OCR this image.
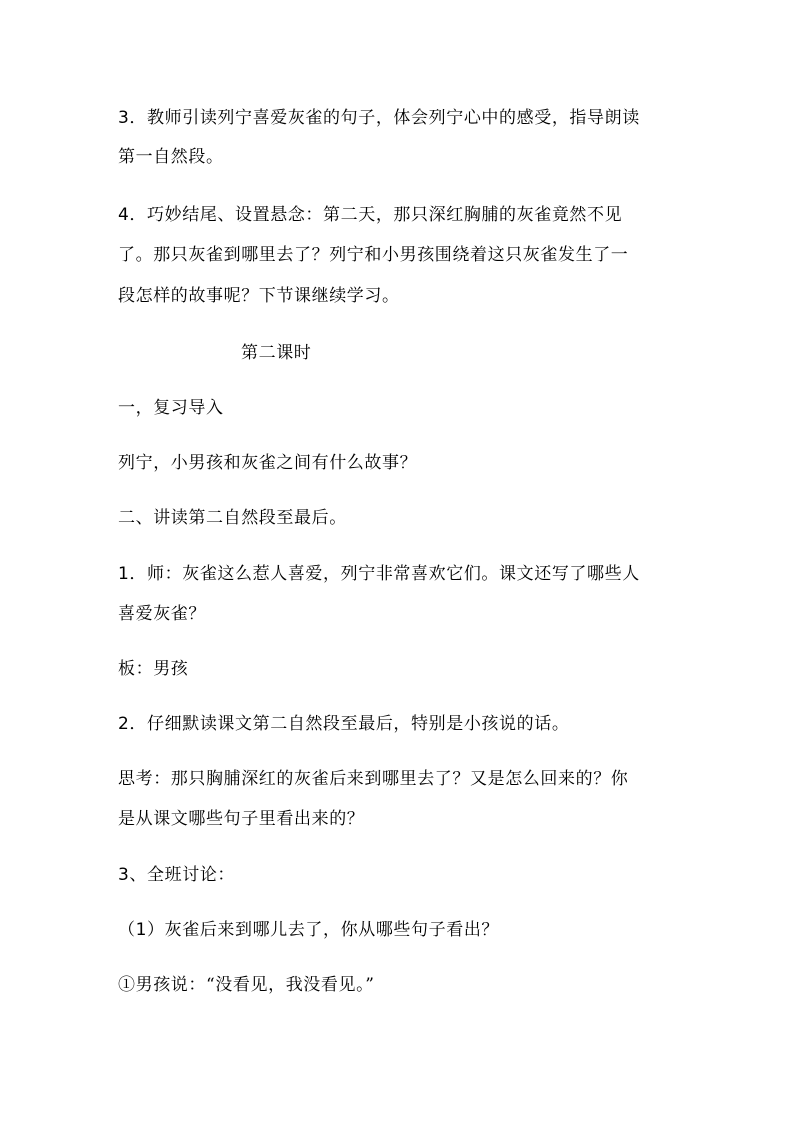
3．教师引读列宁喜爱灰雀的句子，体会列宁心中的感受，指导朗读
第一自然段。
4．巧妙结尾、设置悬念：第二天，那只深红胸脯的灰雀竟然不见
了。那只灰雀到哪里去了？列宁和小男孩围绕着这只灰雀发生了一
段怎样的故事呢？下节课继续学习。
第二课时
一，复习导入
列宁，小男孩和灰雀之间有什么故事？
二、讲读第二自然段至最后。
1．师：灰雀这么惹人喜爱，列宁非常喜欢它们。课文还写了哪些人
喜爱灰雀？
板：男孩
2．仔细默读课文第二自然段至最后，特别是小孩说的话。
思考：那只胸脯深红的灰雀后来到哪里去了？又是怎么回来的？你
是从课文哪些句子里看出来的？
3、全班讨论：
（1）灰雀后来到哪儿去了，你从哪些句子看出？
①男孩说：“没看见，我没看见。”
